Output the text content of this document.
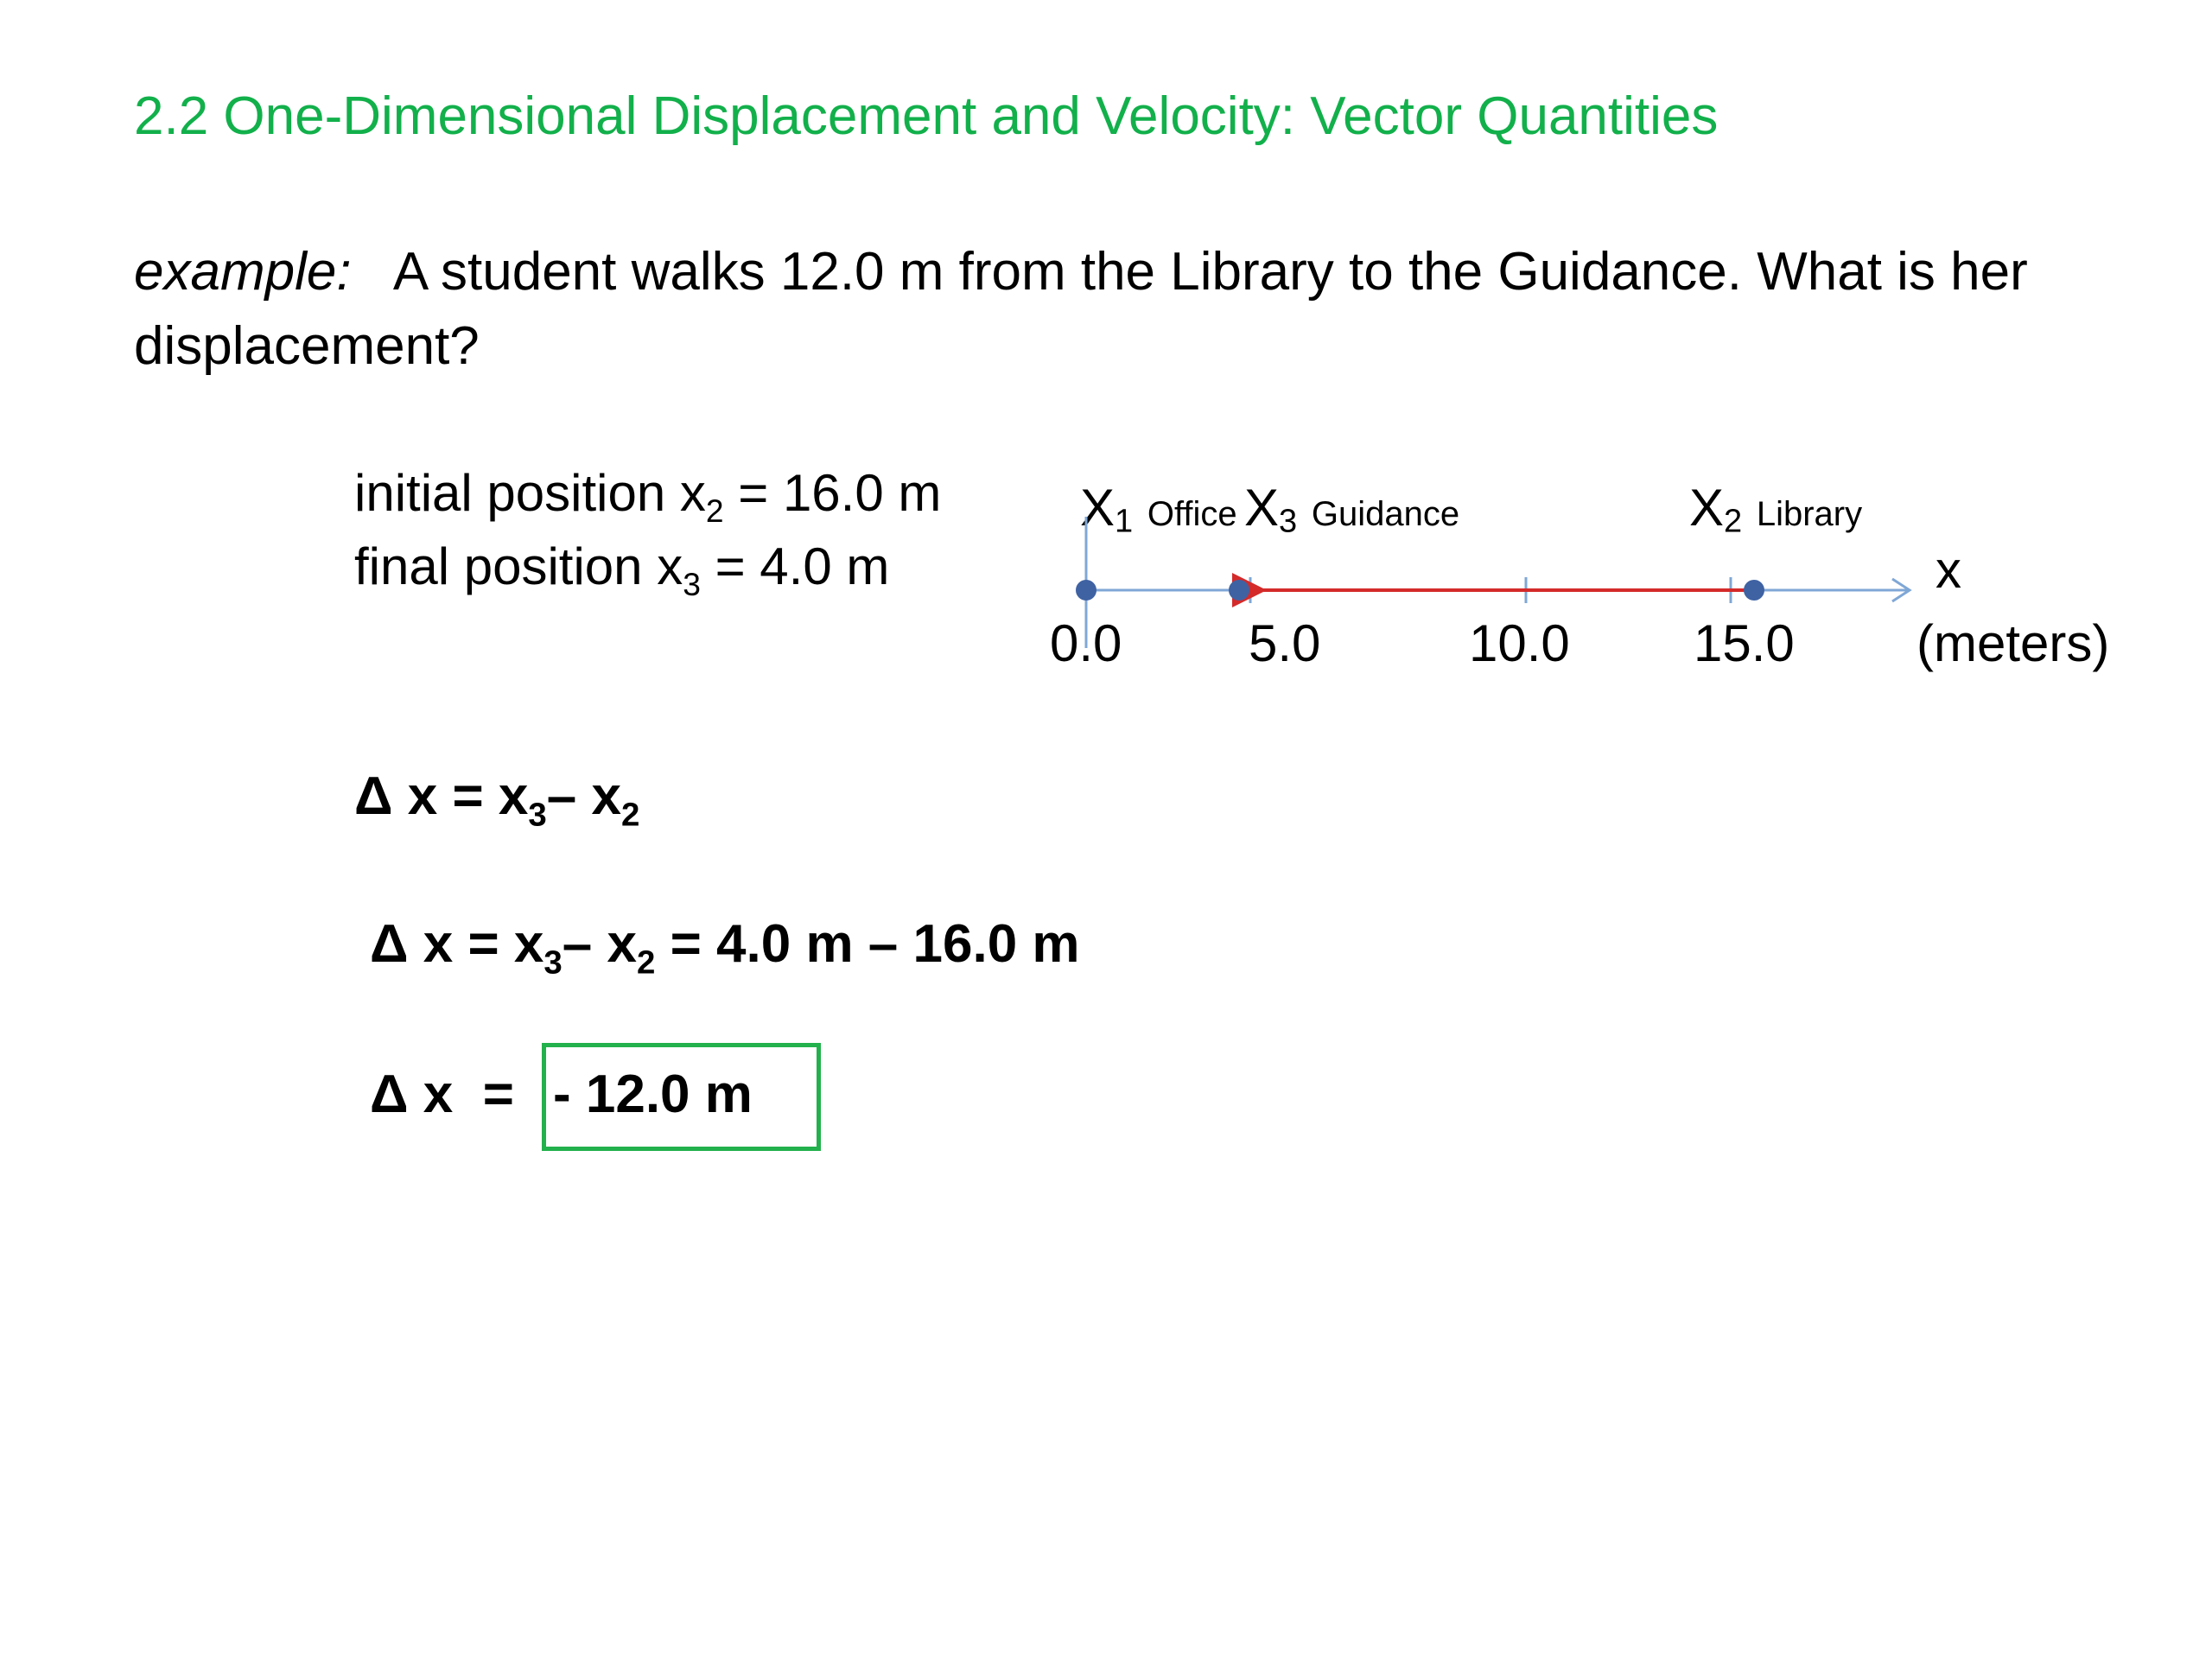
2.2 One-Dimensional Displacement and Velocity: Vector Quantities
example: A student walks 12.0 m from the Library to the Guidance. What is her displacement?
initial position $x_2 = 16.0$ m
final position $x_3 = 4.0$ m
$X_1$ Office $X_3$ Guidance	$X_2$ Library
0.0 5.0	10.0 15.0
x
(meters)
Δ $x = x_3-$ $x_2$
Δ $x = x_3-$ $x_2 = 4.0$ m – 16.0 m
Δ x  = - 12.0 m
